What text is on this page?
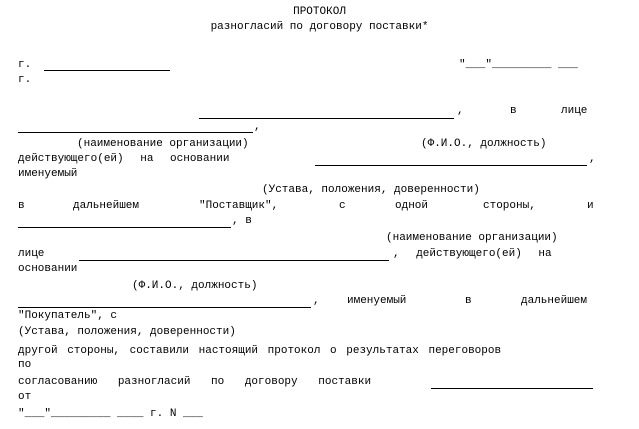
ПРОТОКОЛ
разногласий по договору поставки*
г.	"___"_________ ___
г.
,	в	лице
,
(наименование организации)	(Ф.И.О., должность)
действующего(ей) на основании	,
именуемый
(Устава, положения, доверенности)
в	дальнейшем	"Поставщик",	с	одной	стороны,	и
, в
(наименование организации)
лице	, действующего(ей) на
основании
(Ф.И.О., должность)
, именуемый	в	дальнейшем
"Покупатель", с
(Устава, положения, доверенности)
другой стороны, составили настоящий протокол о результатах переговоров
по
согласованию разногласий по договору поставки
от
"___"_________ ____ г. N ___
